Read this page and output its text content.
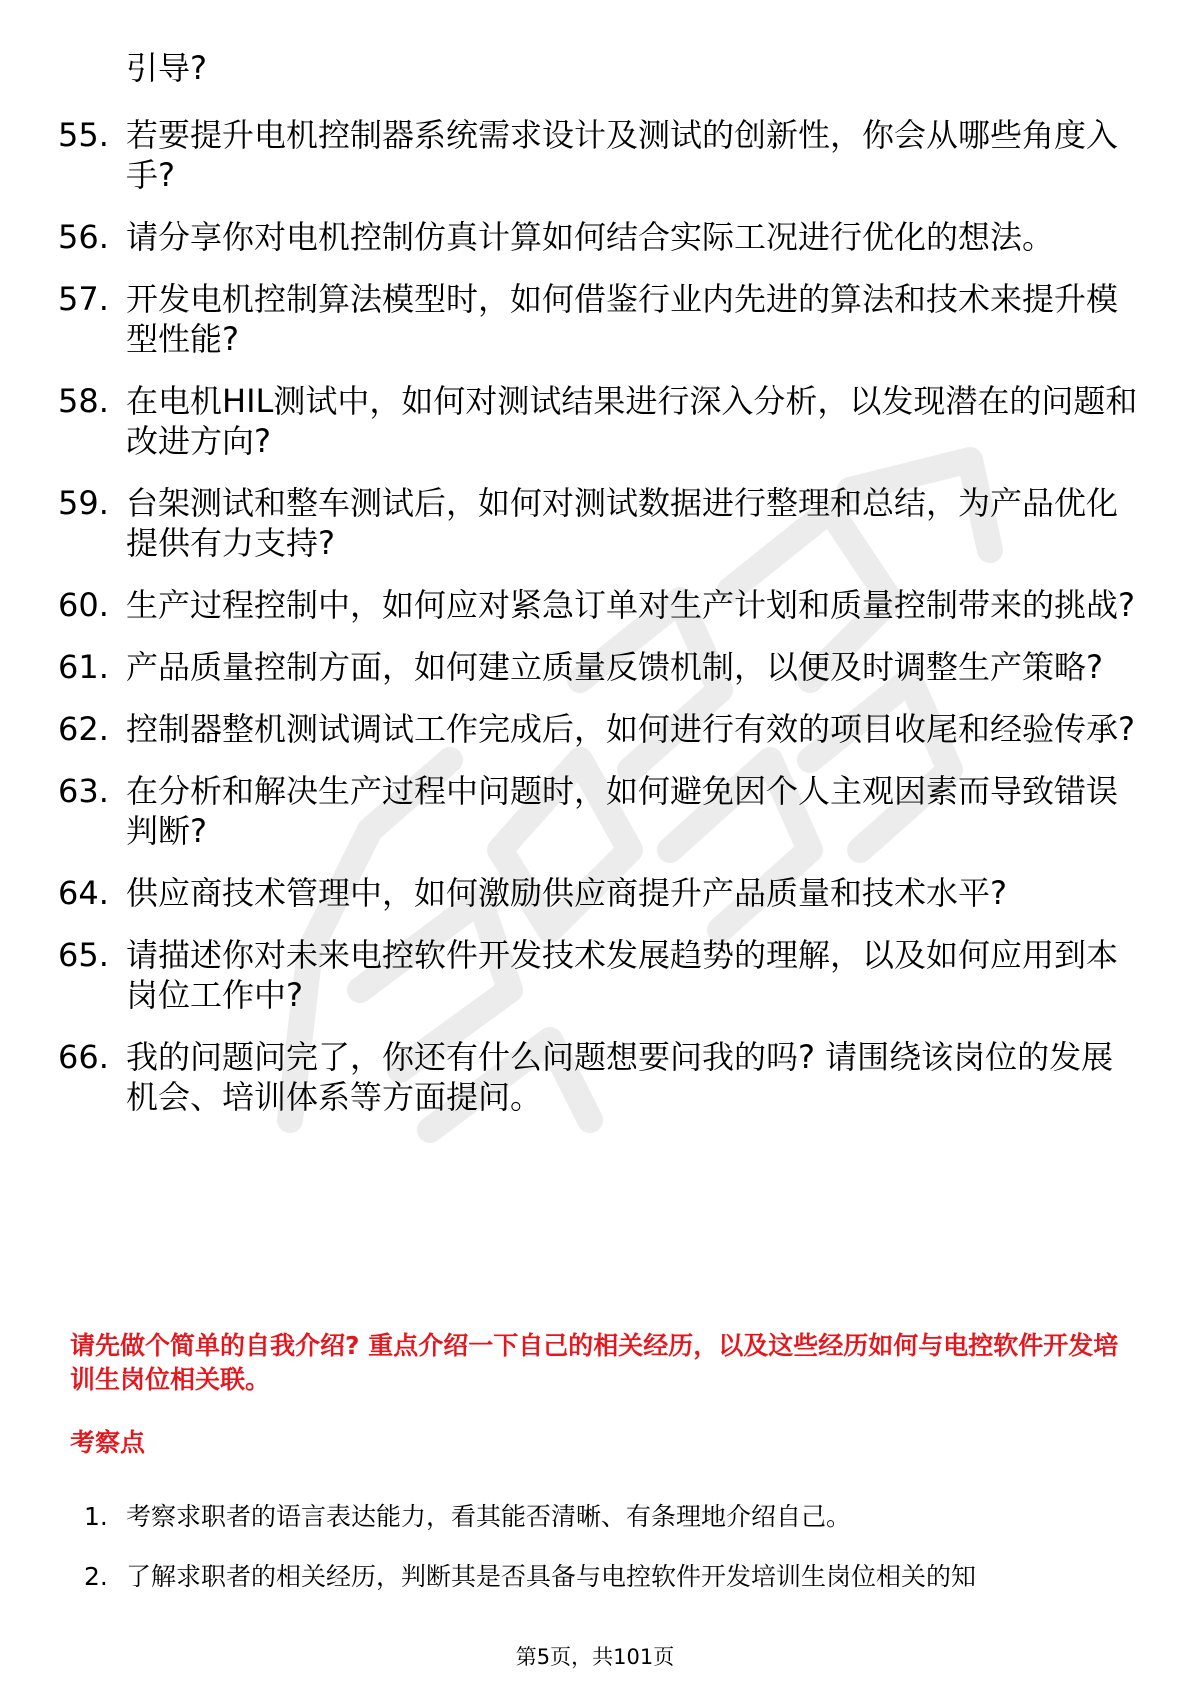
引导?
55. 若要提升电机控制器系统需求设计及测试的创新性，你会从哪些角度入手?
56. 请分享你对电机控制仿真计算如何结合实际工况进行优化的想法。
57. 开发电机控制算法模型时，如何借鉴行业内先进的算法和技术来提升模型性能?
58. 在电机HIL测试中，如何对测试结果进行深入分析，以发现潜在的问题和改进方向?
59. 台架测试和整车测试后，如何对测试数据进行整理和总结，为产品优化提供有力支持?
60. 生产过程控制中，如何应对紧急订单对生产计划和质量控制带来的挑战?
61. 产品质量控制方面，如何建立质量反馈机制，以便及时调整生产策略?
62. 控制器整机测试调试工作完成后，如何进行有效的项目收尾和经验传承?
63. 在分析和解决生产过程中问题时，如何避免因个人主观因素而导致错误判断?
64. 供应商技术管理中，如何激励供应商提升产品质量和技术水平?
65. 请描述你对未来电控软件开发技术发展趋势的理解，以及如何应用到本岗位工作中?
66. 我的问题问完了，你还有什么问题想要问我的吗? 请围绕该岗位的发展机会、培训体系等方面提问。
请先做个简单的自我介绍? 重点介绍一下自己的相关经历，以及这些经历如何与电控软件开发培训生岗位相关联。
考察点
1. 考察求职者的语言表达能力，看其能否清晰、有条理地介绍自己。
2. 了解求职者的相关经历，判断其是否具备与电控软件开发培训生岗位相关的知
第5页，共101页
